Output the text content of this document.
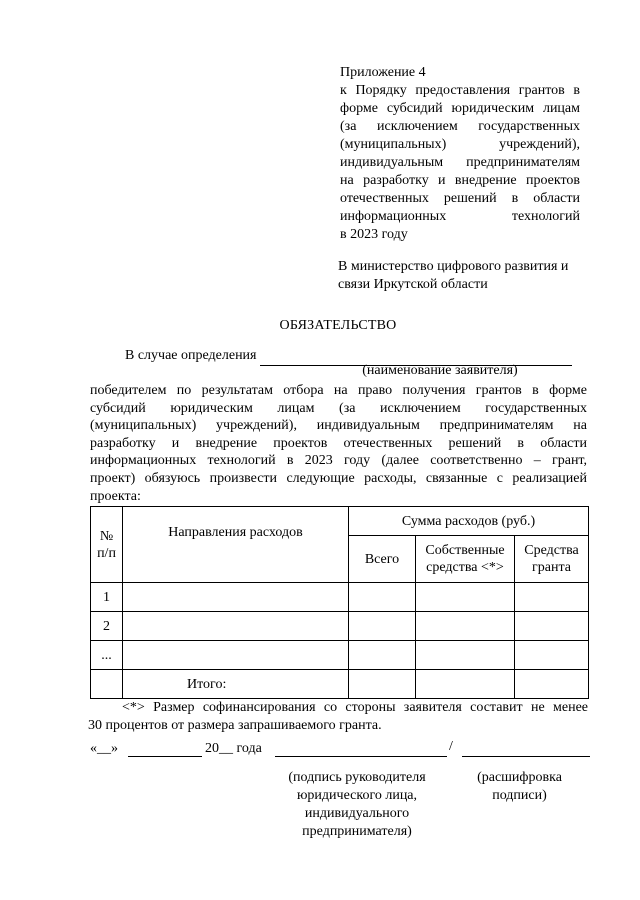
Приложение 4
к Порядку предоставления грантов в
форме субсидий юридическим лицам
(за исключением государственных
(муниципальных) учреждений),
индивидуальным предпринимателям
на разработку и внедрение проектов
отечественных решений в области
информационных технологий
в 2023 году
В министерство цифрового развития и
связи Иркутской области
ОБЯЗАТЕЛЬСТВО
В случае определения
(наименование заявителя)
победителем по результатам отбора на право получения грантов в форме
субсидий юридическим лицам (за исключением государственных
(муниципальных) учреждений), индивидуальным предпринимателям на
разработку и внедрение проектов отечественных решений в области
информационных технологий в 2023 году (далее соответственно – грант,
проект) обязуюсь произвести следующие расходы, связанные с реализацией
проекта:
№ п/п	Направления расходов	Сумма расходов (руб.)		
		Всего	Собственные средства <*>	Средства гранта
1				
2				
...				
	Итого:			
<*> Размер софинансирования со стороны заявителя составит не менее
30 процентов от размера запрашиваемого гранта.
«__»	20__ года	/
(подпись руководителя
юридического лица,
индивидуального
предпринимателя)
(расшифровка
подписи)
